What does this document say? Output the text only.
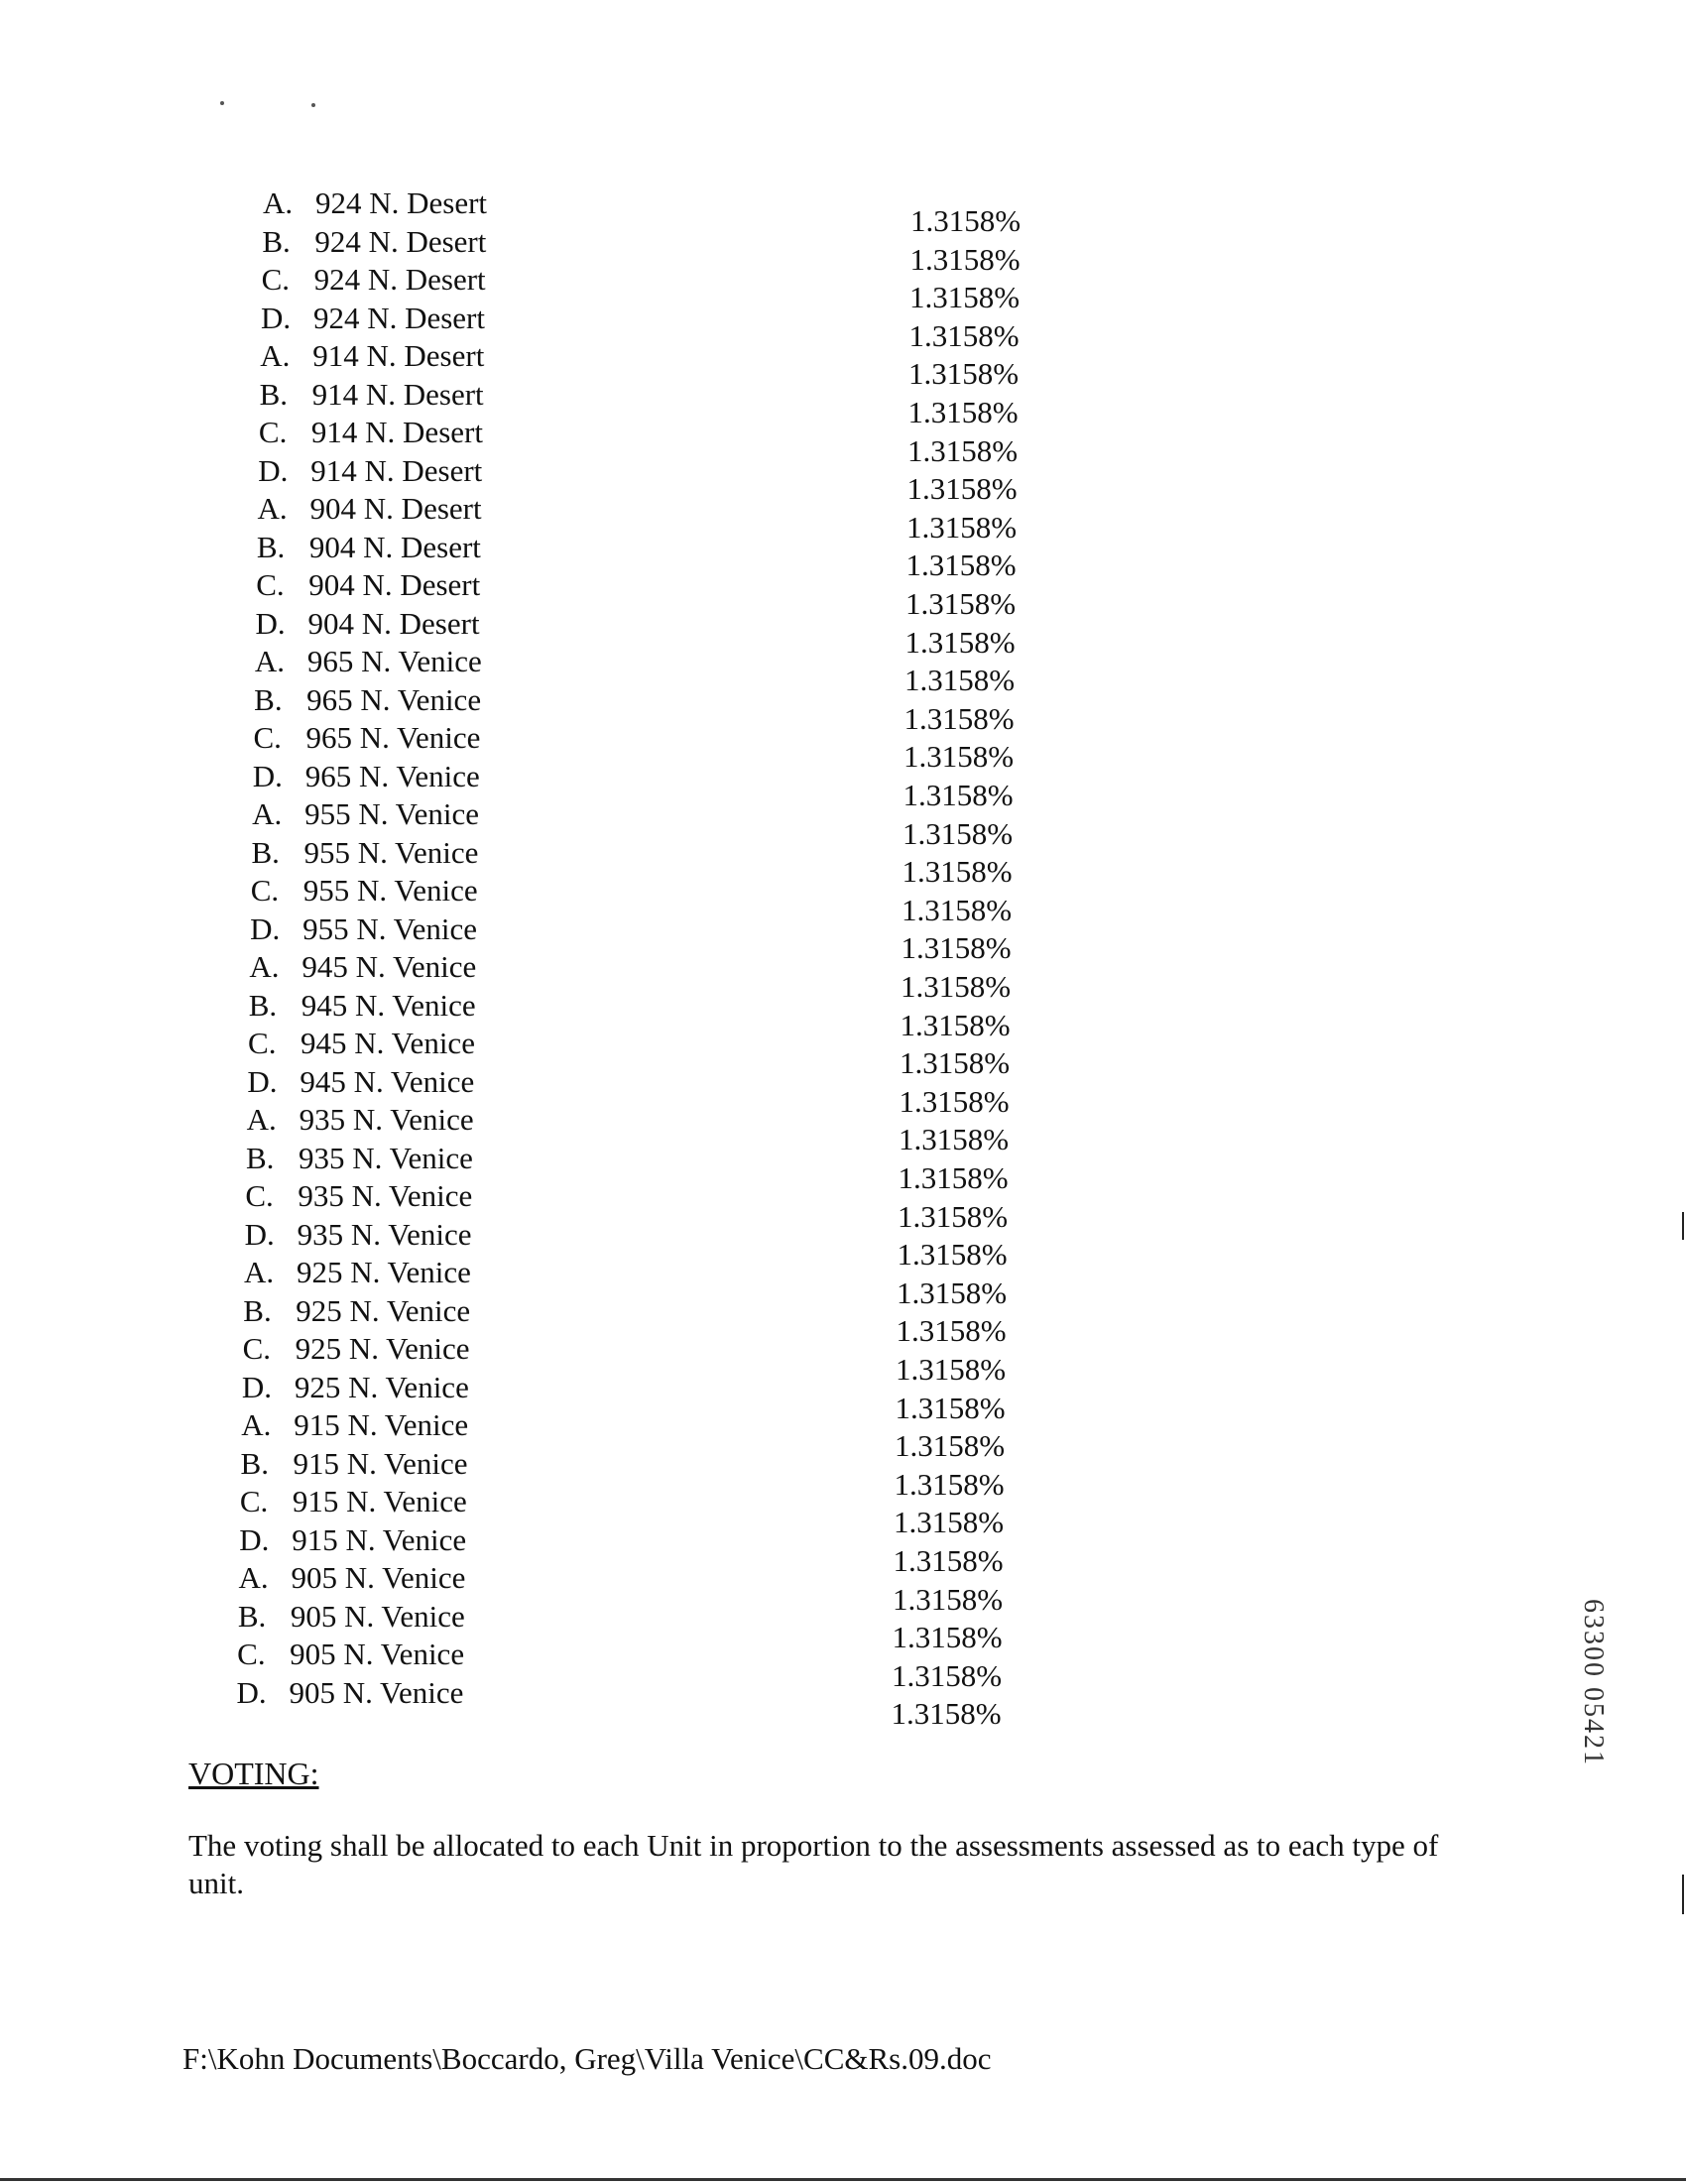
A. 924 N. Desert
1.3158%
B. 924 N. Desert
1.3158%
C. 924 N. Desert
1.3158%
D. 924 N. Desert
1.3158%
A. 914 N. Desert
1.3158%
B. 914 N. Desert
1.3158%
C. 914 N. Desert
1.3158%
D. 914 N. Desert
1.3158%
A. 904 N. Desert
1.3158%
B. 904 N. Desert
1.3158%
C. 904 N. Desert
1.3158%
D. 904 N. Desert
1.3158%
A. 965 N. Venice
1.3158%
B. 965 N. Venice
1.3158%
C. 965 N. Venice
1.3158%
D. 965 N. Venice
1.3158%
A. 955 N. Venice
1.3158%
B. 955 N. Venice
1.3158%
C. 955 N. Venice
1.3158%
D. 955 N. Venice
1.3158%
A. 945 N. Venice
1.3158%
B. 945 N. Venice
1.3158%
C. 945 N. Venice
1.3158%
D. 945 N. Venice
1.3158%
A. 935 N. Venice
1.3158%
B. 935 N. Venice
1.3158%
C. 935 N. Venice
1.3158%
D. 935 N. Venice
1.3158%
A. 925 N. Venice
1.3158%
B. 925 N. Venice
1.3158%
C. 925 N. Venice
1.3158%
D. 925 N. Venice
1.3158%
A. 915 N. Venice
1.3158%
B. 915 N. Venice
1.3158%
C. 915 N. Venice
1.3158%
D. 915 N. Venice
1.3158%
A. 905 N. Venice
1.3158%
B. 905 N. Venice
1.3158%
C. 905 N. Venice
1.3158%
D. 905 N. Venice
1.3158%
VOTING:
The voting shall be allocated to each Unit in proportion to the assessments assessed as to each type of unit.
F:\Kohn Documents\Boccardo, Greg\Villa Venice\CC&Rs.09.doc
63300 05421
